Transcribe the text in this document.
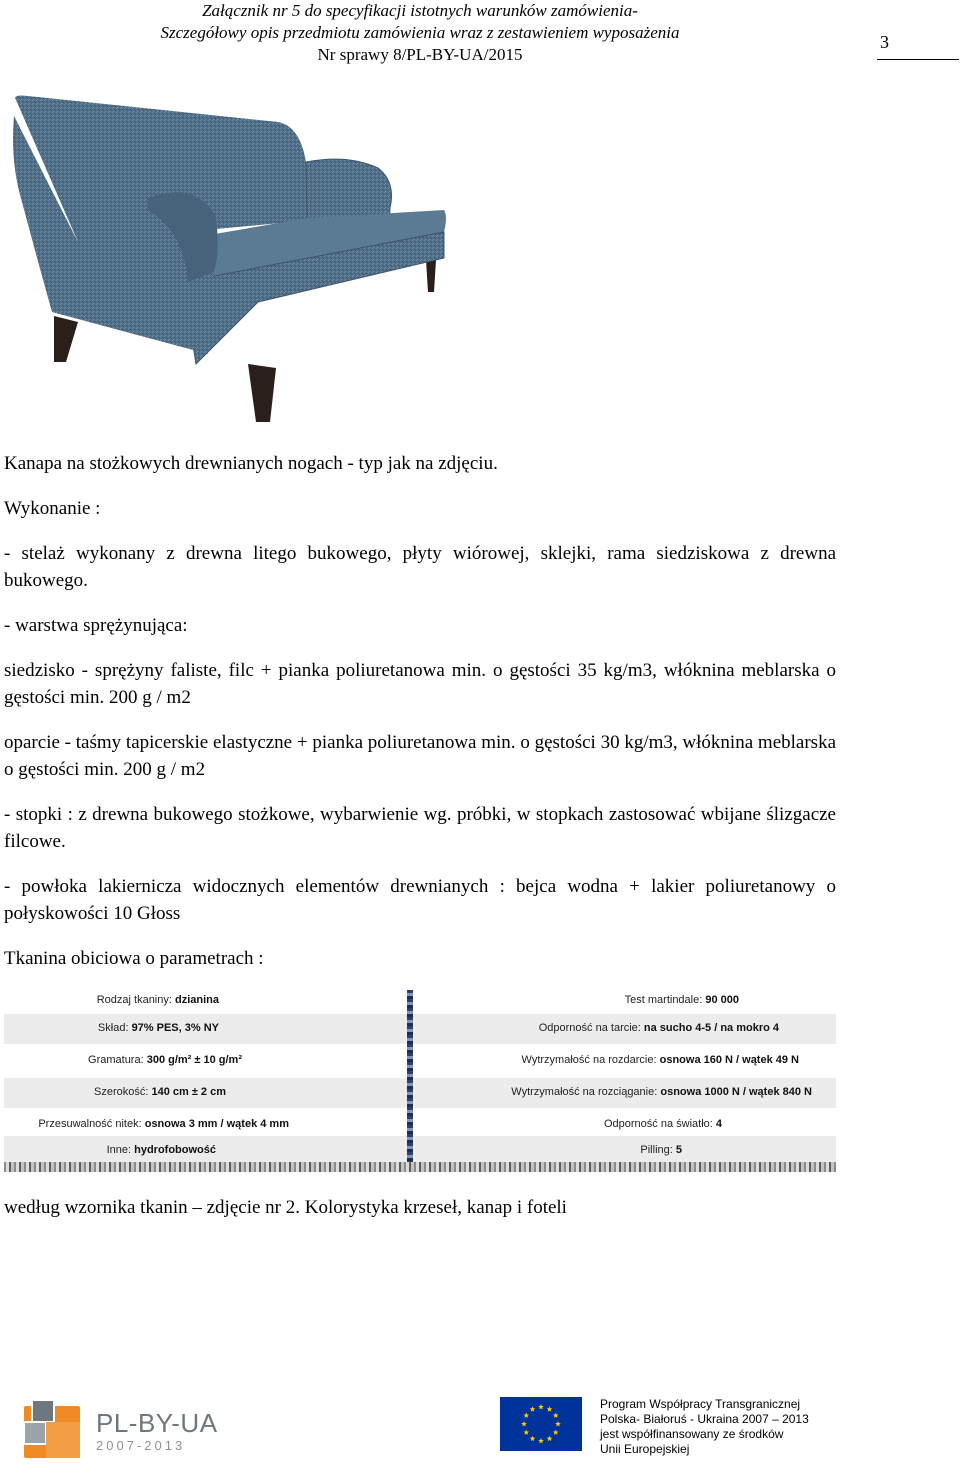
Załącznik nr 5 do specyfikacji istotnych warunków zamówienia-
Szczegółowy opis przedmiotu zamówienia wraz z zestawieniem wyposażenia
Nr sprawy 8/PL-BY-UA/2015
3

Kanapa na stożkowych drewnianych nogach - typ jak na zdjęciu.

Wykonanie :

- stelaż wykonany z drewna litego bukowego, płyty wiórowej, sklejki, rama siedziskowa z drewna bukowego.

- warstwa sprężynująca:

siedzisko - sprężyny faliste, filc + pianka poliuretanowa min. o gęstości 35 kg/m3, włóknina meblarska o gęstości min. 200 g / m2

oparcie - taśmy tapicerskie elastyczne + pianka poliuretanowa min. o gęstości 30 kg/m3, włóknina meblarska o gęstości min. 200 g / m2

- stopki : z drewna bukowego stożkowe, wybarwienie wg. próbki, w stopkach zastosować wbijane ślizgacze filcowe.

- powłoka lakiernicza widocznych elementów drewnianych : bejca wodna + lakier poliuretanowy o połyskowości 10 Głoss

Tkanina obiciowa o parametrach :

Rodzaj tkaniny: dzianina	Test martindale: 90 000
Skład: 97% PES, 3% NY	Odporność na tarcie: na sucho 4-5 / na mokro 4
Gramatura: 300 g/m² ± 10 g/m²	Wytrzymałość na rozdarcie: osnowa 160 N / wątek 49 N
Szerokość: 140 cm ± 2 cm	Wytrzymałość na rozciąganie: osnowa 1000 N / wątek 840 N
Przesuwalność nitek: osnowa 3 mm / wątek 4 mm	Odporność na światło: 4
Inne: hydrofobowość	Pilling: 5

według wzornika tkanin – zdjęcie nr 2. Kolorystyka krzeseł, kanap i foteli

PL-BY-UA
2007-2013
Program Współpracy Transgranicznej
Polska- Białoruś - Ukraina 2007 – 2013
jest współfinansowany ze środków
Unii Europejskiej
